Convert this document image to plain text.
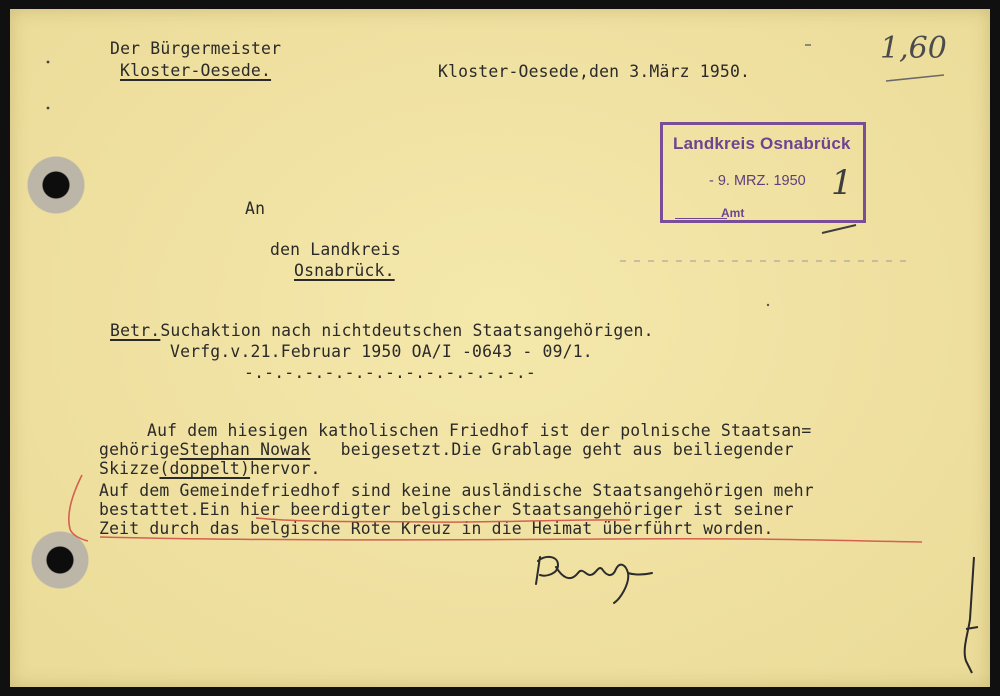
Der Bürgermeister
Kloster-Oesede.	Kloster-Oesede,den 3.März 1950.
1,60
Landkreis Osnabrück
- 9. MRZ. 1950
Amt
1
An
den Landkreis
Osnabrück.
Betr.Suchaktion nach nichtdeutschen Staatsangehörigen.
Verfg.v.21.Februar 1950 OA/I -0643 - 09/1.
-.-.-.-.-.-.-.-.-.-.-.-.-.-.-
Auf dem hiesigen katholischen Friedhof ist der polnische Staatsan=
gehörigeStephan Nowak   beigesetzt.Die Grablage geht aus beiliegender
Skizze(doppelt)hervor.
Auf dem Gemeindefriedhof sind keine ausländische Staatsangehörigen mehr
bestattet.Ein hier beerdigter belgischer Staatsangehöriger ist seiner
Zeit durch das belgische Rote Kreuz in die Heimat überführt worden.
